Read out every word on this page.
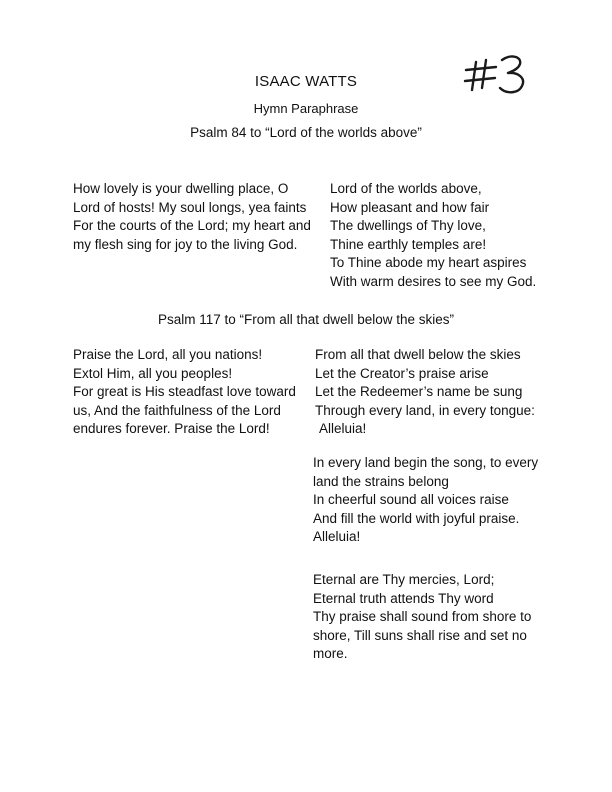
ISAAC WATTS
Hymn Paraphrase
Psalm 84 to “Lord of the worlds above”

How lovely is your dwelling place, O

Lord of hosts! My soul longs, yea faints

For the courts of the Lord; my heart and

my flesh sing for joy to the living God.

Lord of the worlds above,

How pleasant and how fair

The dwellings of Thy love,

Thine earthly temples are!

To Thine abode my heart aspires

With warm desires to see my God.

Psalm 117 to “From all that dwell below the skies”

Praise the Lord, all you nations!

Extol Him, all you peoples!

For great is His steadfast love toward

us, And the faithfulness of the Lord

endures forever. Praise the Lord!

From all that dwell below the skies

Let the Creator’s praise arise

Let the Redeemer’s name be sung

Through every land, in every tongue:

Alleluia!

In every land begin the song, to every

land the strains belong

In cheerful sound all voices raise

And fill the world with joyful praise.

Alleluia!

Eternal are Thy mercies, Lord;

Eternal truth attends Thy word

Thy praise shall sound from shore to

shore, Till suns shall rise and set no

more.
